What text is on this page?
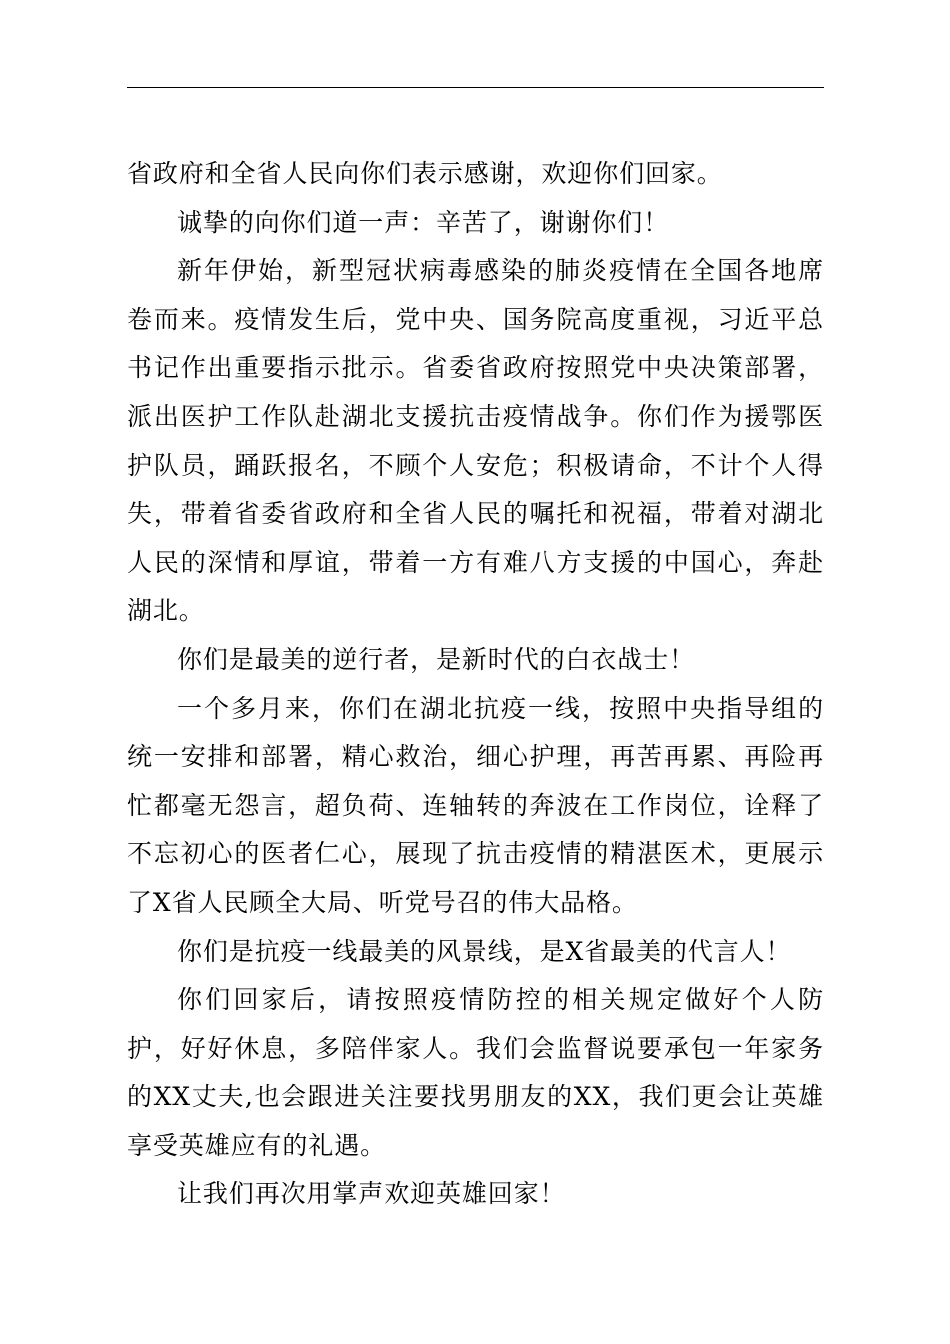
省政府和全省人民向你们表示感谢，欢迎你们回家。

诚挚的向你们道一声：辛苦了，谢谢你们！

新年伊始，新型冠状病毒感染的肺炎疫情在全国各地席卷而来。疫情发生后，党中央、国务院高度重视，习近平总书记作出重要指示批示。省委省政府按照党中央决策部署，派出医护工作队赴湖北支援抗击疫情战争。你们作为援鄂医护队员，踊跃报名，不顾个人安危；积极请命，不计个人得失，带着省委省政府和全省人民的嘱托和祝福，带着对湖北人民的深情和厚谊，带着一方有难八方支援的中国心，奔赴湖北。

你们是最美的逆行者，是新时代的白衣战士！

一个多月来，你们在湖北抗疫一线，按照中央指导组的统一安排和部署，精心救治，细心护理，再苦再累、再险再忙都毫无怨言，超负荷、连轴转的奔波在工作岗位，诠释了不忘初心的医者仁心，展现了抗击疫情的精湛医术，更展示了X省人民顾全大局、听党号召的伟大品格。

你们是抗疫一线最美的风景线，是X省最美的代言人！

你们回家后，请按照疫情防控的相关规定做好个人防护，好好休息，多陪伴家人。我们会监督说要承包一年家务的XX丈夫,也会跟进关注要找男朋友的XX，我们更会让英雄享受英雄应有的礼遇。

让我们再次用掌声欢迎英雄回家！
